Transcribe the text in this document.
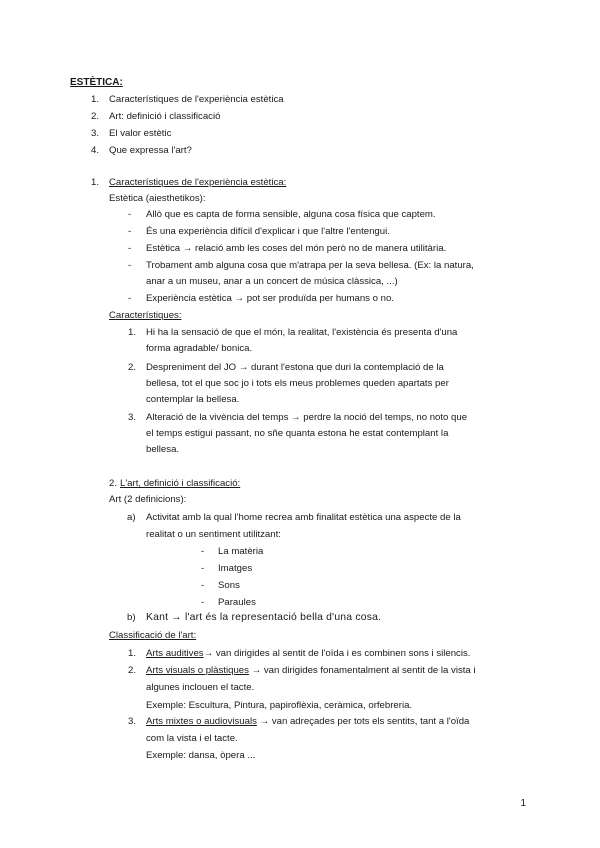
ESTÈTICA:
1. Característiques de l'experiència estètica
2. Art: definició i classificació
3. El valor estètic
4. Que expressa l'art?
1. Característiques de l'experiència estètica:
Estètica (aiesthetikos):
- Allò que es capta de forma sensible, alguna cosa física que captem.
- És una experiència difícil d'explicar i que l'altre l'entengui.
- Estètica → relació amb les coses del món però no de manera utilitària.
- Trobament amb alguna cosa que m'atrapa per la seva bellesa. (Ex: la natura,
anar a un museu, anar a un concert de música clàssica, ...)
- Experiència estètica → pot ser produïda per humans o no.
Característiques:
1. Hi ha la sensació de que el món, la realitat, l'existència és presenta d'una
forma agradable/ bonica.
2. Despreniment del JO → durant l'estona que duri la contemplació de la
bellesa, tot el que soc jo i tots els meus problemes queden apartats per
contemplar la bellesa.
3. Alteració de la vivència del temps → perdre la noció del temps, no noto que
el temps estigui passant, no sñe quanta estona he estat contemplant la
bellesa.
2. L'art, definició i classificació:
Art (2 definicions):
a) Activitat amb la qual l'home recrea amb finalitat estètica una aspecte de la
realitat o un sentiment utilitzant:
- La matèria
- Imatges
- Sons
- Paraules
b) Kant → l'art és la representació bella d'una cosa.
Classificació de l'art:
1. Arts auditives→ van dirigides al sentit de l'oïda i es combinen sons i silencis.
2. Arts visuals o plàstiques → van dirigides fonamentalment al sentit de la vista i
algunes inclouen el tacte.
Exemple: Escultura, Pintura, papiroflèxia, ceràmica, orfebreria.
3. Arts mixtes o audiovisuals → van adreçades per tots els sentits, tant a l'oïda
com la vista i el tacte.
Exemple: dansa, òpera ...
1
